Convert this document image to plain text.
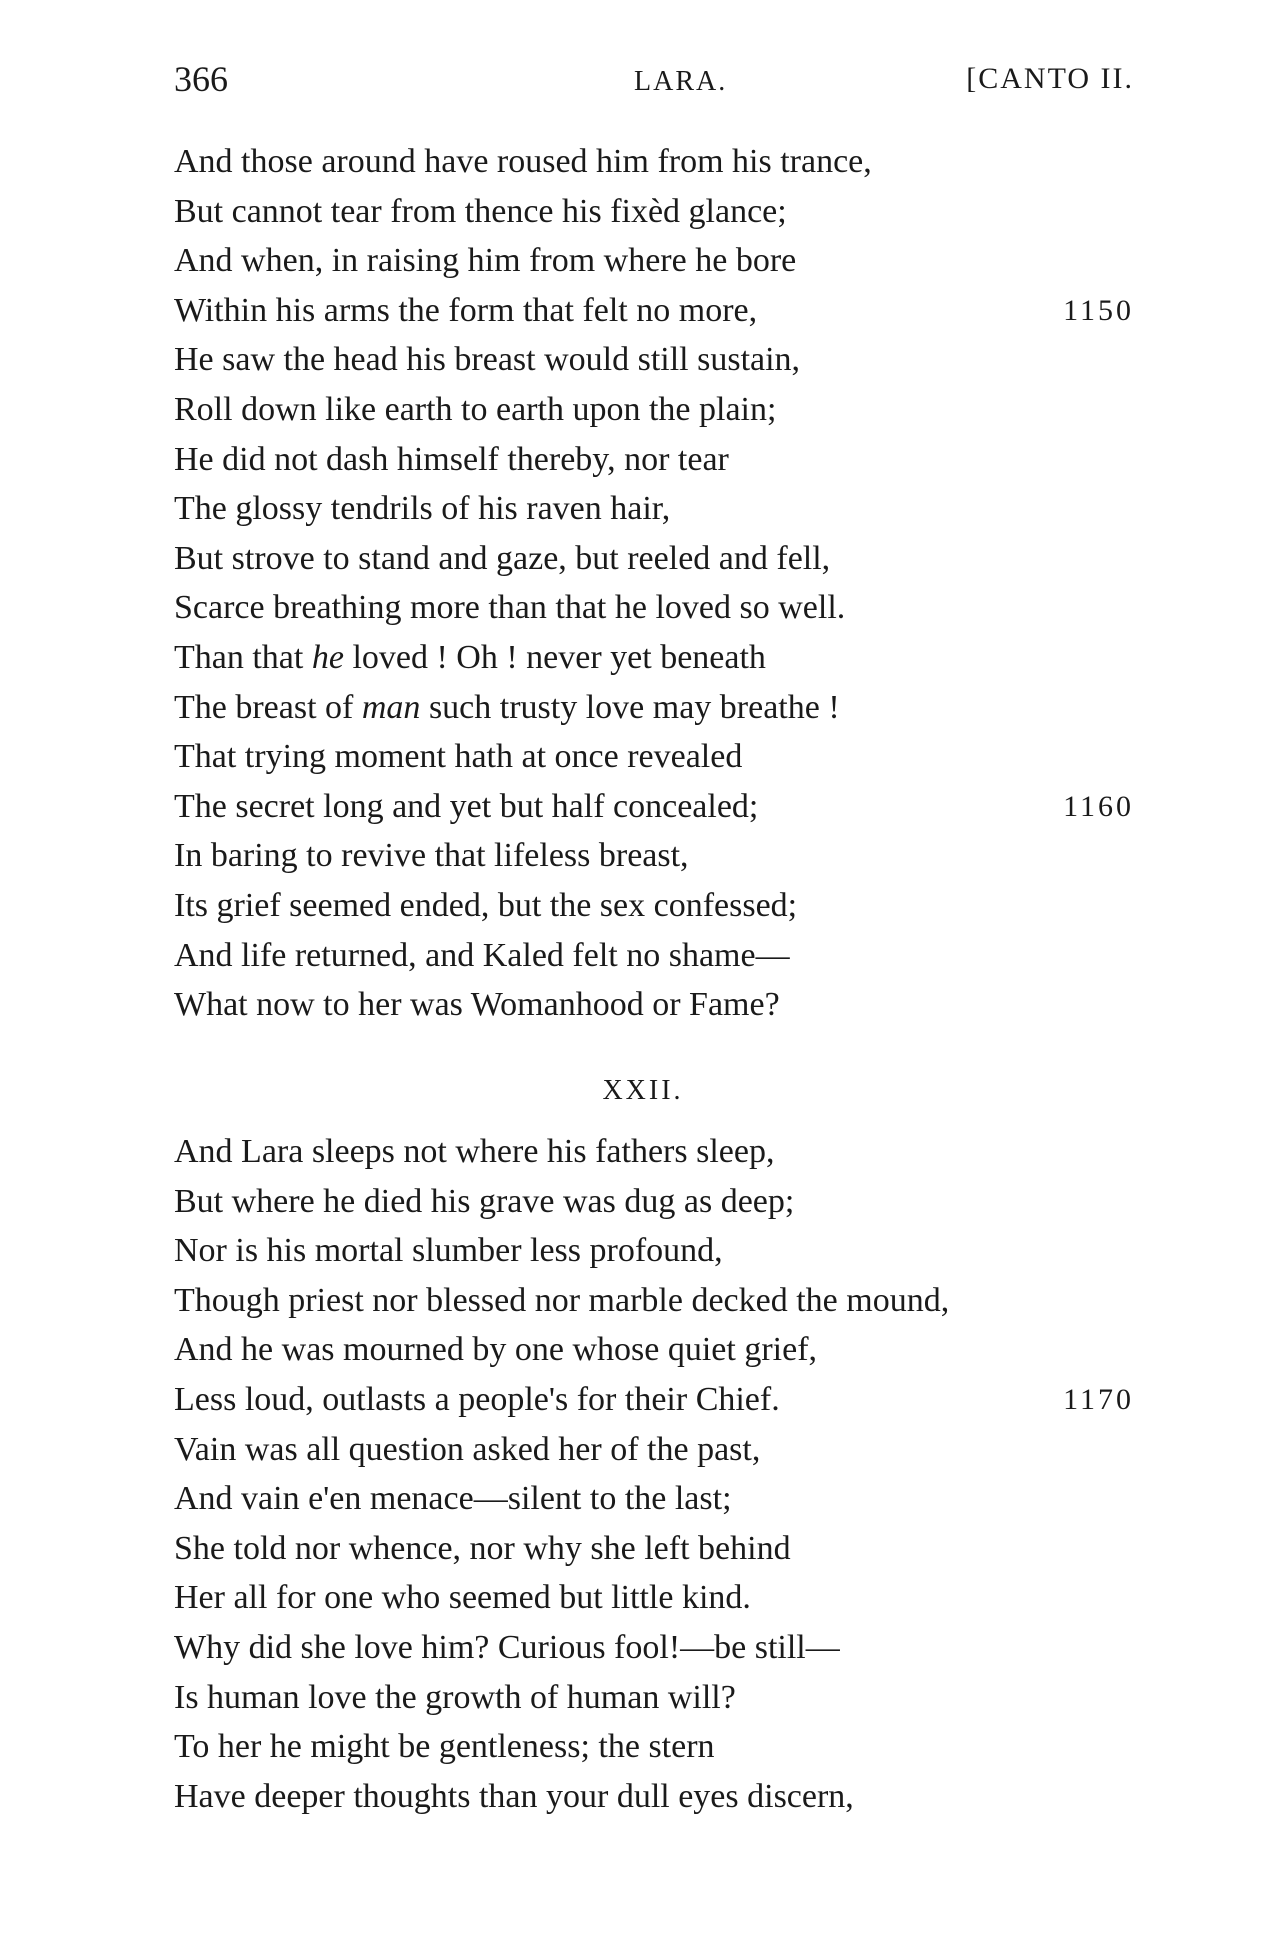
366	LARA.	[CANTO II.
And those around have roused him from his trance,
But cannot tear from thence his fixèd glance;
And when, in raising him from where he bore
Within his arms the form that felt no more,	1150
He saw the head his breast would still sustain,
Roll down like earth to earth upon the plain;
He did not dash himself thereby, nor tear
The glossy tendrils of his raven hair,
But strove to stand and gaze, but reeled and fell,
Scarce breathing more than that he loved so well.
Than that he loved ! Oh ! never yet beneath
The breast of man such trusty love may breathe !
That trying moment hath at once revealed
The secret long and yet but half concealed;	1160
In baring to revive that lifeless breast,
Its grief seemed ended, but the sex confessed;
And life returned, and Kaled felt no shame—
What now to her was Womanhood or Fame?
XXII.
And Lara sleeps not where his fathers sleep,
But where he died his grave was dug as deep;
Nor is his mortal slumber less profound,
Though priest nor blessed nor marble decked the mound,
And he was mourned by one whose quiet grief,
Less loud, outlasts a people's for their Chief.	1170
Vain was all question asked her of the past,
And vain e'en menace—silent to the last;
She told nor whence, nor why she left behind
Her all for one who seemed but little kind.
Why did she love him? Curious fool!—be still—
Is human love the growth of human will?
To her he might be gentleness; the stern
Have deeper thoughts than your dull eyes discern,
